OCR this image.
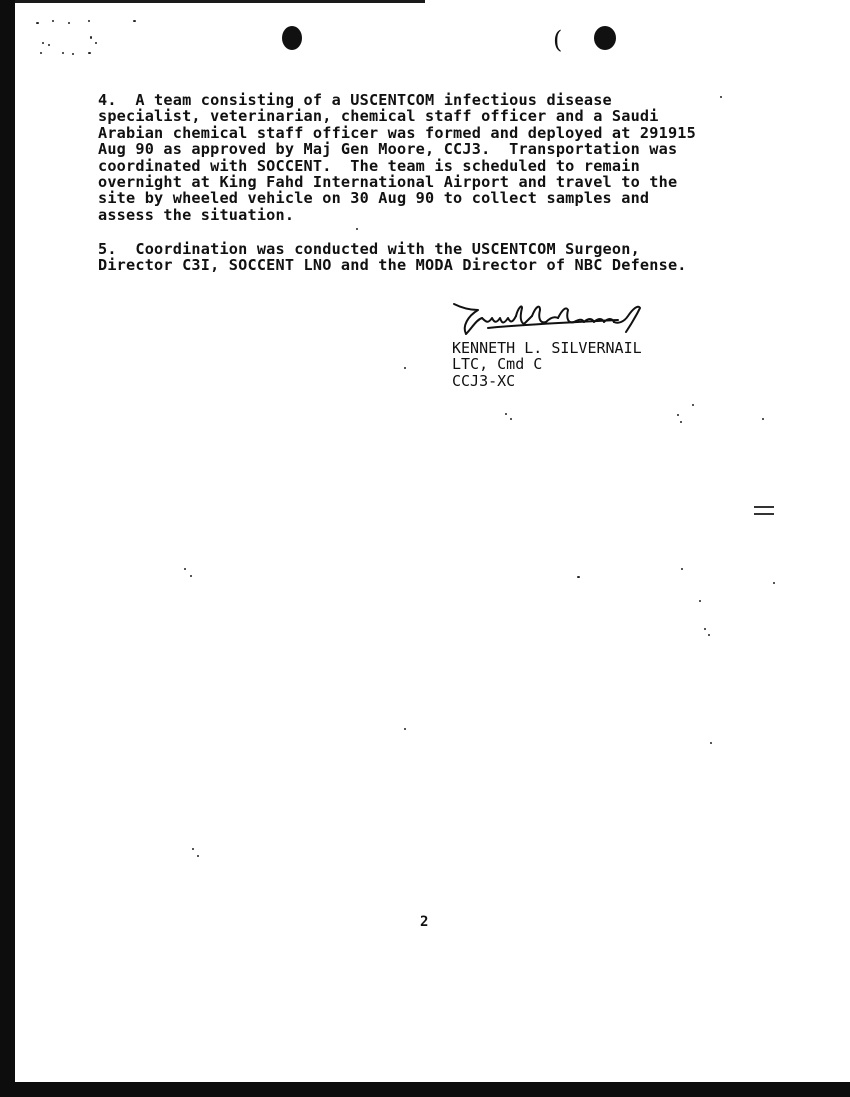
(
4.  A team consisting of a USCENTCOM infectious disease
specialist, veterinarian, chemical staff officer and a Saudi
Arabian chemical staff officer was formed and deployed at 291915
Aug 90 as approved by Maj Gen Moore, CCJ3.  Transportation was
coordinated with SOCCENT.  The team is scheduled to remain
overnight at King Fahd International Airport and travel to the
site by wheeled vehicle on 30 Aug 90 to collect samples and
assess the situation.
5.  Coordination was conducted with the USCENTCOM Surgeon,
Director C3I, SOCCENT LNO and the MODA Director of NBC Defense.
KENNETH L. SILVERNAIL
LTC, Cmd C
CCJ3-XC
2
